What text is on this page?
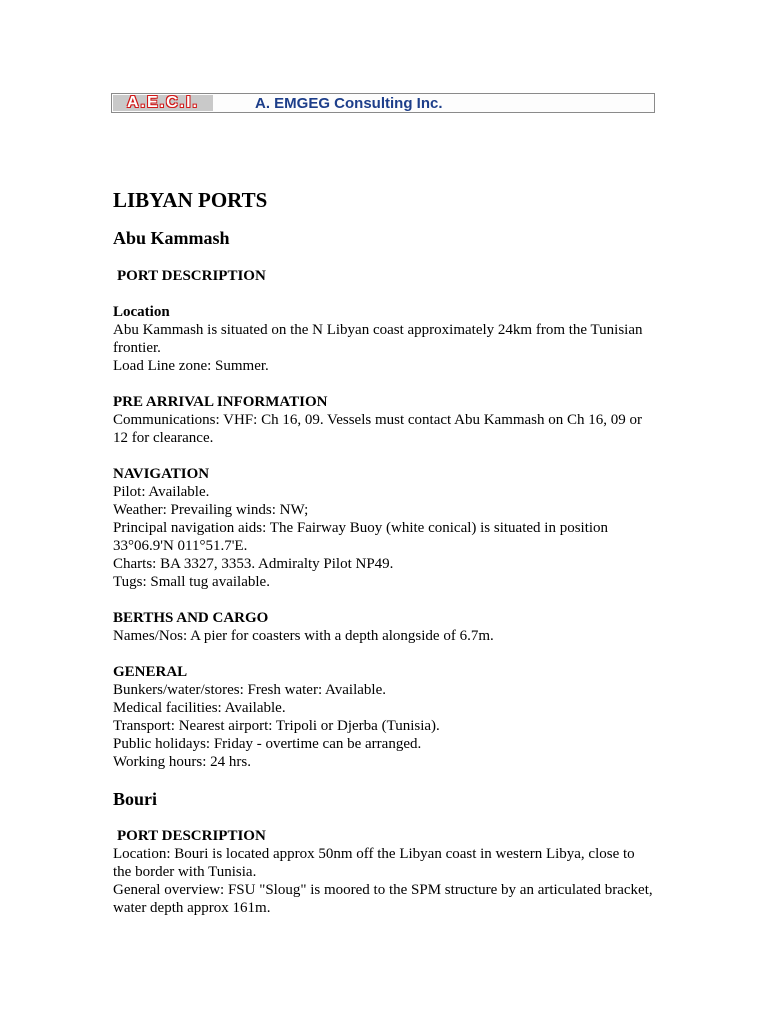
A.E.C.I.	A. EMGEG Consulting Inc.
LIBYAN PORTS
Abu Kammash

PORT DESCRIPTION

Location

Abu Kammash is situated on the N Libyan coast approximately 24km from the Tunisian

frontier.

Load Line zone: Summer.

PRE ARRIVAL INFORMATION

Communications: VHF: Ch 16, 09. Vessels must contact Abu Kammash on Ch 16, 09 or

12 for clearance.

NAVIGATION

Pilot: Available.

Weather: Prevailing winds: NW;

Principal navigation aids: The Fairway Buoy (white conical) is situated in position

33°06.9'N 011°51.7'E.

Charts: BA 3327, 3353. Admiralty Pilot NP49.

Tugs: Small tug available.

BERTHS AND CARGO

Names/Nos: A pier for coasters with a depth alongside of 6.7m.

GENERAL

Bunkers/water/stores: Fresh water: Available.

Medical facilities: Available.

Transport: Nearest airport: Tripoli or Djerba (Tunisia).

Public holidays: Friday - overtime can be arranged.

Working hours: 24 hrs.

Bouri

PORT DESCRIPTION

Location: Bouri is located approx 50nm off the Libyan coast in western Libya, close to

the border with Tunisia.

General overview: FSU "Sloug" is moored to the SPM structure by an articulated bracket,

water depth approx 161m.
